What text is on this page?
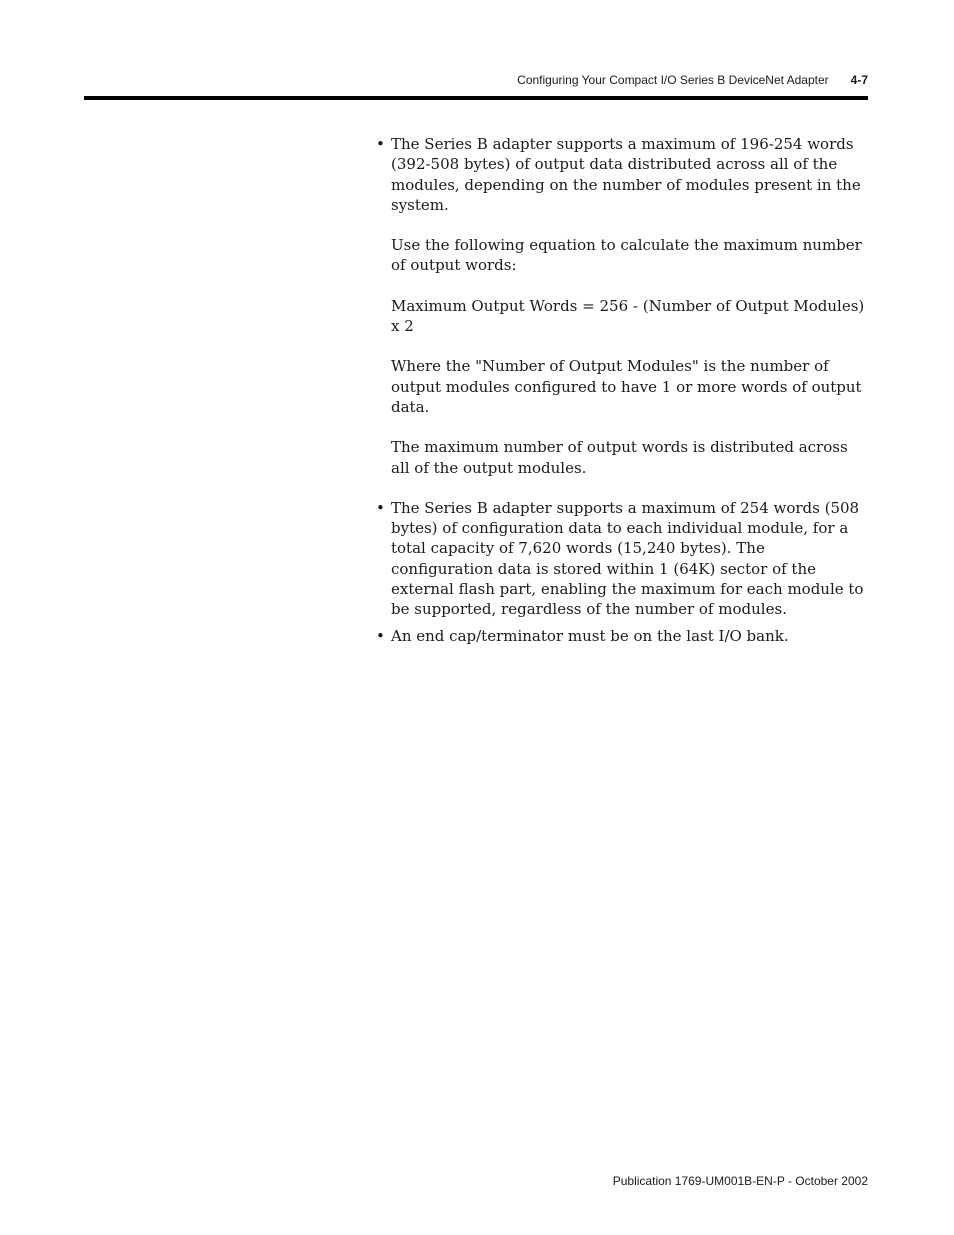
Configuring Your Compact I/O Series B DeviceNet Adapter 4-7
• The Series B adapter supports a maximum of 196-254 words (392-508 bytes) of output data distributed across all of the modules, depending on the number of modules present in the system.

Use the following equation to calculate the maximum number of output words:

Maximum Output Words = 256 - (Number of Output Modules) x 2

Where the "Number of Output Modules" is the number of output modules configured to have 1 or more words of output data.

The maximum number of output words is distributed across all of the output modules.

• The Series B adapter supports a maximum of 254 words (508 bytes) of configuration data to each individual module, for a total capacity of 7,620 words (15,240 bytes). The configuration data is stored within 1 (64K) sector of the external flash part, enabling the maximum for each module to be supported, regardless of the number of modules.

• An end cap/terminator must be on the last I/O bank.

Publication 1769-UM001B-EN-P - October 2002
